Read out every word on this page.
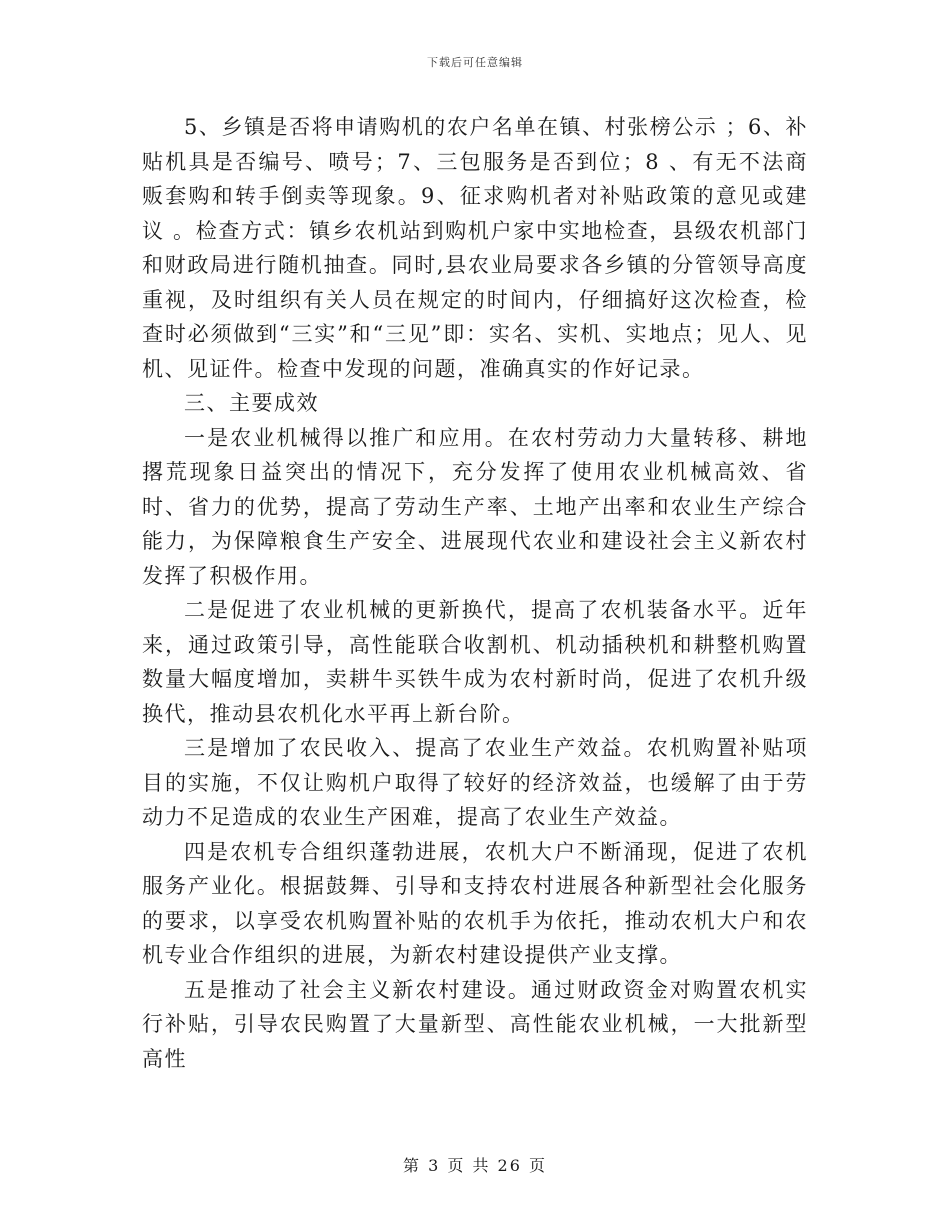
下载后可任意编辑

5、乡镇是否将申请购机的农户名单在镇、村张榜公示 ；6、补贴机具是否编号、喷号；7、三包服务是否到位；8 、有无不法商贩套购和转手倒卖等现象。9、征求购机者对补贴政策的意见或建议 。检查方式：镇乡农机站到购机户家中实地检查，县级农机部门和财政局进行随机抽查。同时,县农业局要求各乡镇的分管领导高度重视，及时组织有关人员在规定的时间内，仔细搞好这次检查，检查时必须做到“三实”和“三见”即：实名、实机、实地点；见人、见机、见证件。检查中发现的问题，准确真实的作好记录。

三、主要成效

一是农业机械得以推广和应用。在农村劳动力大量转移、耕地撂荒现象日益突出的情况下，充分发挥了使用农业机械高效、省时、省力的优势，提高了劳动生产率、土地产出率和农业生产综合能力，为保障粮食生产安全、进展现代农业和建设社会主义新农村发挥了积极作用。

二是促进了农业机械的更新换代，提高了农机装备水平。近年来，通过政策引导，高性能联合收割机、机动插秧机和耕整机购置数量大幅度增加，卖耕牛买铁牛成为农村新时尚，促进了农机升级换代，推动县农机化水平再上新台阶。

三是增加了农民收入、提高了农业生产效益。农机购置补贴项目的实施，不仅让购机户取得了较好的经济效益，也缓解了由于劳动力不足造成的农业生产困难，提高了农业生产效益。

四是农机专合组织蓬勃进展，农机大户不断涌现，促进了农机服务产业化。根据鼓舞、引导和支持农村进展各种新型社会化服务的要求，以享受农机购置补贴的农机手为依托，推动农机大户和农机专业合作组织的进展，为新农村建设提供产业支撑。

五是推动了社会主义新农村建设。通过财政资金对购置农机实行补贴，引导农民购置了大量新型、高性能农业机械，一大批新型高性

第 3 页 共 26 页
